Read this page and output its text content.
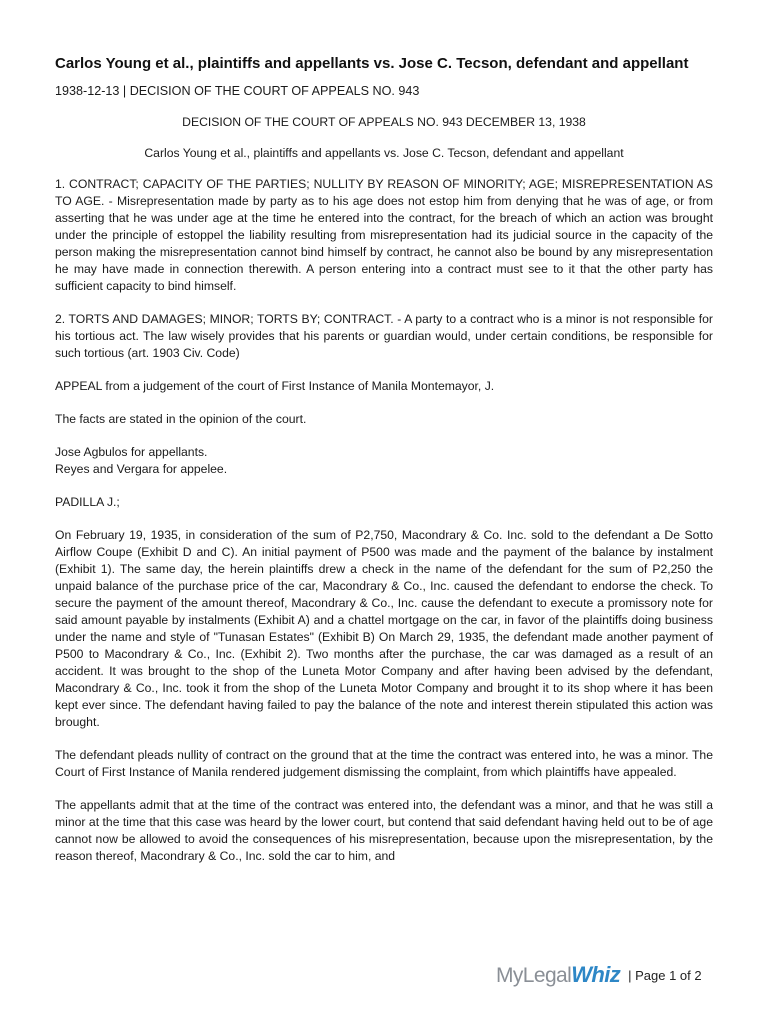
Carlos Young et al., plaintiffs and appellants vs. Jose C. Tecson, defendant and appellant

1938-12-13 | DECISION OF THE COURT OF APPEALS NO. 943

DECISION OF THE COURT OF APPEALS NO. 943 DECEMBER 13, 1938

Carlos Young et al., plaintiffs and appellants vs. Jose C. Tecson, defendant and appellant

1. CONTRACT; CAPACITY OF THE PARTIES; NULLITY BY REASON OF MINORITY; AGE; MISREPRESENTATION AS TO AGE. - Misrepresentation made by party as to his age does not estop him from denying that he was of age, or from asserting that he was under age at the time he entered into the contract, for the breach of which an action was brought under the principle of estoppel the liability resulting from misrepresentation had its judicial source in the capacity of the person making the misrepresentation cannot bind himself by contract, he cannot also be bound by any misrepresentation he may have made in connection therewith. A person entering into a contract must see to it that the other party has sufficient capacity to bind himself.

2. TORTS AND DAMAGES; MINOR; TORTS BY; CONTRACT. - A party to a contract who is a minor is not responsible for his tortious act. The law wisely provides that his parents or guardian would, under certain conditions, be responsible for such tortious (art. 1903 Civ. Code)

APPEAL from a judgement of the court of First Instance of Manila Montemayor, J.

The facts are stated in the opinion of the court.

Jose Agbulos for appellants.
Reyes and Vergara for appelee.

PADILLA J.;

On February 19, 1935, in consideration of the sum of P2,750, Macondrary & Co. Inc. sold to the defendant a De Sotto Airflow Coupe (Exhibit D and C). An initial payment of P500 was made and the payment of the balance by instalment (Exhibit 1). The same day, the herein plaintiffs drew a check in the name of the defendant for the sum of P2,250 the unpaid balance of the purchase price of the car, Macondrary & Co., Inc. caused the defendant to endorse the check. To secure the payment of the amount thereof, Macondrary & Co., Inc. cause the defendant to execute a promissory note for said amount payable by instalments (Exhibit A) and a chattel mortgage on the car, in favor of the plaintiffs doing business under the name and style of "Tunasan Estates" (Exhibit B) On March 29, 1935, the defendant made another payment of P500 to Macondrary & Co., Inc. (Exhibit 2). Two months after the purchase, the car was damaged as a result of an accident. It was brought to the shop of the Luneta Motor Company and after having been advised by the defendant, Macondrary & Co., Inc. took it from the shop of the Luneta Motor Company and brought it to its shop where it has been kept ever since. The defendant having failed to pay the balance of the note and interest therein stipulated this action was brought.

The defendant pleads nullity of contract on the ground that at the time the contract was entered into, he was a minor. The Court of First Instance of Manila rendered judgement dismissing the complaint, from which plaintiffs have appealed.

The appellants admit that at the time of the contract was entered into, the defendant was a minor, and that he was still a minor at the time that this case was heard by the lower court, but contend that said defendant having held out to be of age cannot now be allowed to avoid the consequences of his misrepresentation, because upon the misrepresentation, by the reason thereof, Macondrary & Co., Inc. sold the car to him, and

My Legal Whiz | Page 1 of 2
